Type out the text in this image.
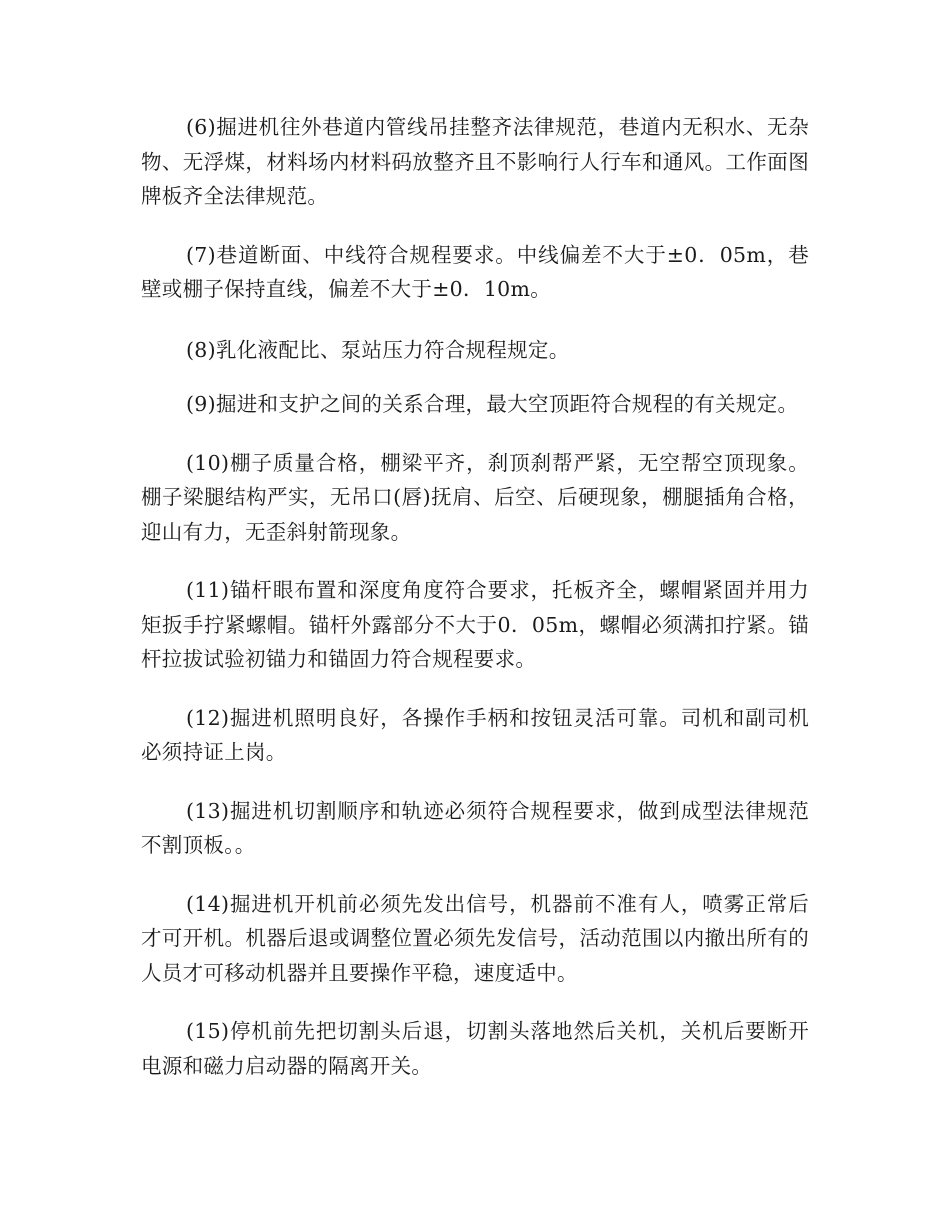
(6)掘进机往外巷道内管线吊挂整齐法律规范，巷道内无积水、无杂物、无浮煤，材料场内材料码放整齐且不影响行人行车和通风。工作面图牌板齐全法律规范。

(7)巷道断面、中线符合规程要求。中线偏差不大于±0．05m，巷壁或棚子保持直线，偏差不大于±0．10m。

(8)乳化液配比、泵站压力符合规程规定。

(9)掘进和支护之间的关系合理，最大空顶距符合规程的有关规定。

(10)棚子质量合格，棚梁平齐，刹顶刹帮严紧，无空帮空顶现象。棚子梁腿结构严实，无吊口(唇)抚肩、后空、后硬现象，棚腿插角合格，迎山有力，无歪斜射箭现象。

(11)锚杆眼布置和深度角度符合要求，托板齐全，螺帽紧固并用力矩扳手拧紧螺帽。锚杆外露部分不大于0．05m，螺帽必须满扣拧紧。锚杆拉拔试验初锚力和锚固力符合规程要求。

(12)掘进机照明良好，各操作手柄和按钮灵活可靠。司机和副司机必须持证上岗。

(13)掘进机切割顺序和轨迹必须符合规程要求，做到成型法律规范不割顶板。。

(14)掘进机开机前必须先发出信号，机器前不准有人，喷雾正常后才可开机。机器后退或调整位置必须先发信号，活动范围以内撤出所有的人员才可移动机器并且要操作平稳，速度适中。

(15)停机前先把切割头后退，切割头落地然后关机，关机后要断开电源和磁力启动器的隔离开关。
